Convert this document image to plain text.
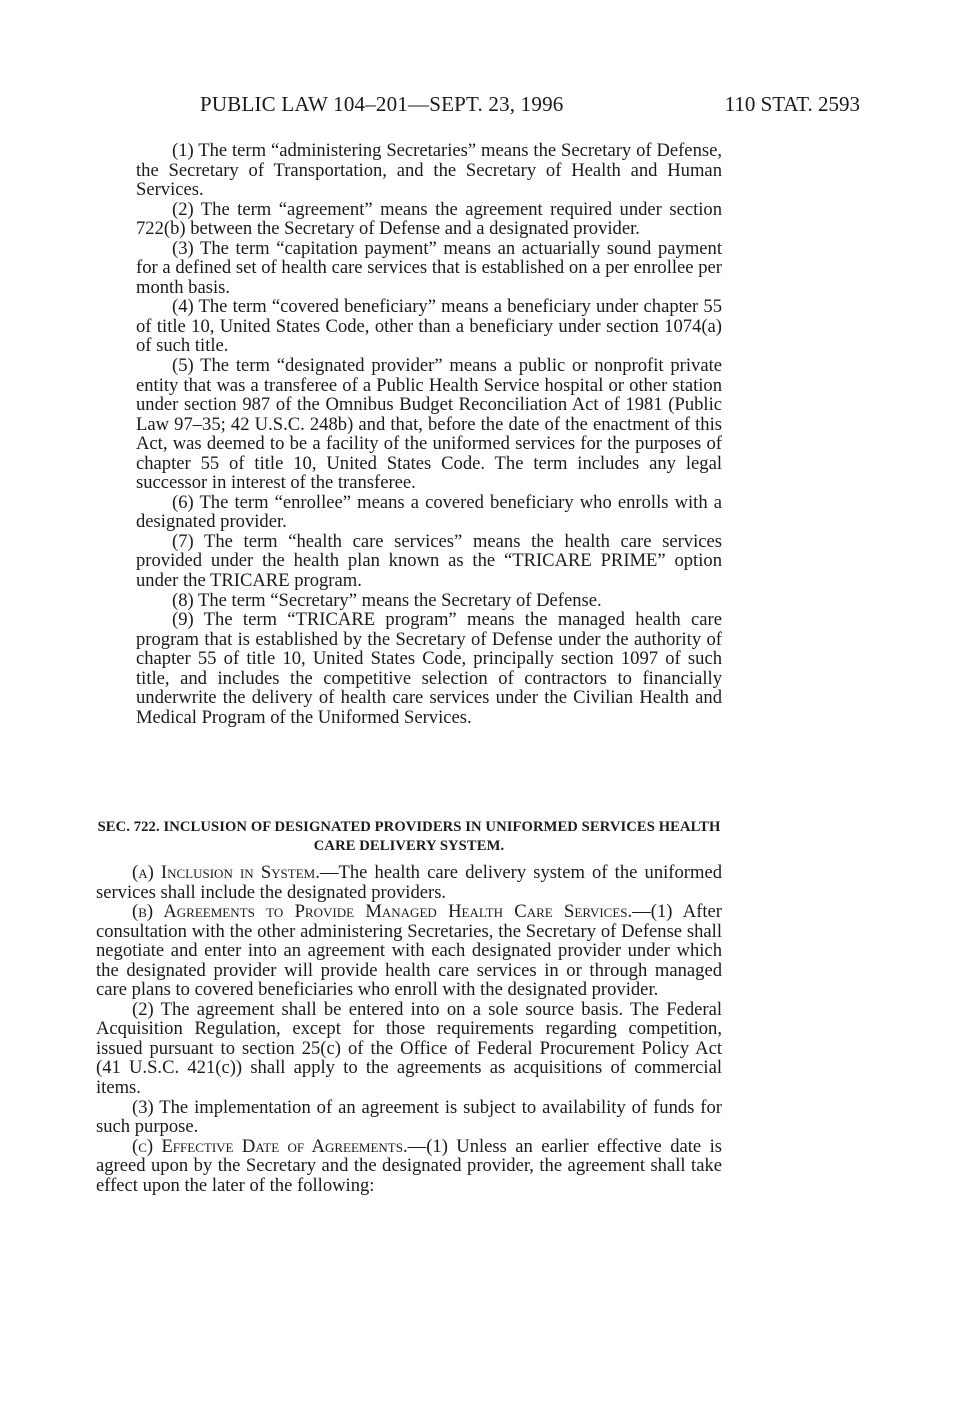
PUBLIC LAW 104–201—SEPT. 23, 1996	110 STAT. 2593

(1) The term “administering Secretaries” means the Secretary of Defense, the Secretary of Transportation, and the Secretary of Health and Human Services.

(2) The term “agreement” means the agreement required under section 722(b) between the Secretary of Defense and a designated provider.

(3) The term “capitation payment” means an actuarially sound payment for a defined set of health care services that is established on a per enrollee per month basis.

(4) The term “covered beneficiary” means a beneficiary under chapter 55 of title 10, United States Code, other than a beneficiary under section 1074(a) of such title.

(5) The term “designated provider” means a public or nonprofit private entity that was a transferee of a Public Health Service hospital or other station under section 987 of the Omnibus Budget Reconciliation Act of 1981 (Public Law 97–35; 42 U.S.C. 248b) and that, before the date of the enactment of this Act, was deemed to be a facility of the uniformed services for the purposes of chapter 55 of title 10, United States Code. The term includes any legal successor in interest of the transferee.

(6) The term “enrollee” means a covered beneficiary who enrolls with a designated provider.

(7) The term “health care services” means the health care services provided under the health plan known as the “TRICARE PRIME” option under the TRICARE program.

(8) The term “Secretary” means the Secretary of Defense.

(9) The term “TRICARE program” means the managed health care program that is established by the Secretary of Defense under the authority of chapter 55 of title 10, United States Code, principally section 1097 of such title, and includes the competitive selection of contractors to financially underwrite the delivery of health care services under the Civilian Health and Medical Program of the Uniformed Services.

SEC. 722. INCLUSION OF DESIGNATED PROVIDERS IN UNIFORMED SERVICES HEALTH CARE DELIVERY SYSTEM.

(a) Inclusion in System.—The health care delivery system of the uniformed services shall include the designated providers.

(b) Agreements to Provide Managed Health Care Services.—(1) After consultation with the other administering Secretaries, the Secretary of Defense shall negotiate and enter into an agreement with each designated provider under which the designated provider will provide health care services in or through managed care plans to covered beneficiaries who enroll with the designated provider.

(2) The agreement shall be entered into on a sole source basis. The Federal Acquisition Regulation, except for those requirements regarding competition, issued pursuant to section 25(c) of the Office of Federal Procurement Policy Act (41 U.S.C. 421(c)) shall apply to the agreements as acquisitions of commercial items.

(3) The implementation of an agreement is subject to availability of funds for such purpose.

(c) Effective Date of Agreements.—(1) Unless an earlier effective date is agreed upon by the Secretary and the designated provider, the agreement shall take effect upon the later of the following:
